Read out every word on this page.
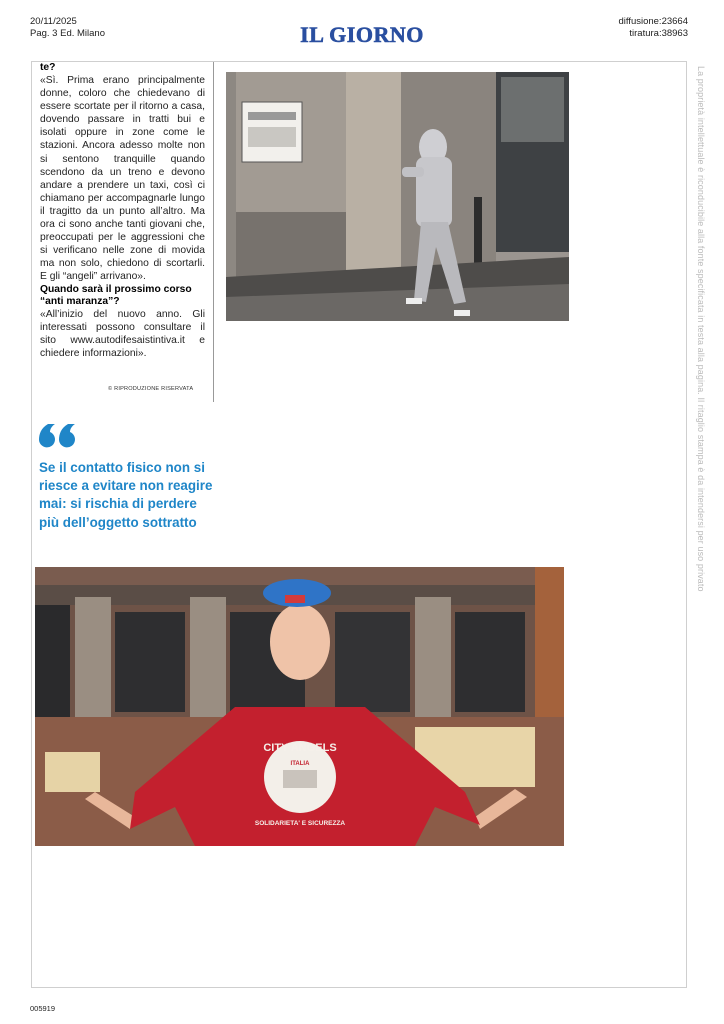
20/11/2025
Pag. 3 Ed. Milano	IL GIORNO
diffusione:23664
tiratura:38963
te?

«Sì. Prima erano principalmente donne, coloro che chiedevano di essere scortate per il ritorno a casa, dovendo passare in tratti bui e isolati oppure in zone come le stazioni. Ancora adesso molte non si sentono tranquille quando scendono da un treno e devono andare a prendere un taxi, così ci chiamano per accompagnarle lungo il tragitto da un punto all’altro. Ma ora ci sono anche tanti giovani che, preoccupati per le aggressioni che si verificano nelle zone di movida ma non solo, chiedono di scortarli. E gli “angeli” arrivano».

Quando sarà il prossimo corso “anti maranza”?

«All’inizio del nuovo anno. Gli interessati possono consultare il sito www.autodifesaistintiva.it e chiedere informazioni».

© RIPRODUZIONE RISERVATA
Se il contatto fisico non si riesce a evitare non reagire mai: si rischia di perdere più dell’oggetto sottratto
CITY ANGELS
ITALIA
SOLIDARIETA' E SICUREZZA
La proprietà intellettuale è riconducibile alla fonte specificata in testa alla pagina. Il ritaglio stampa è da intendersi per uso privato
005919
